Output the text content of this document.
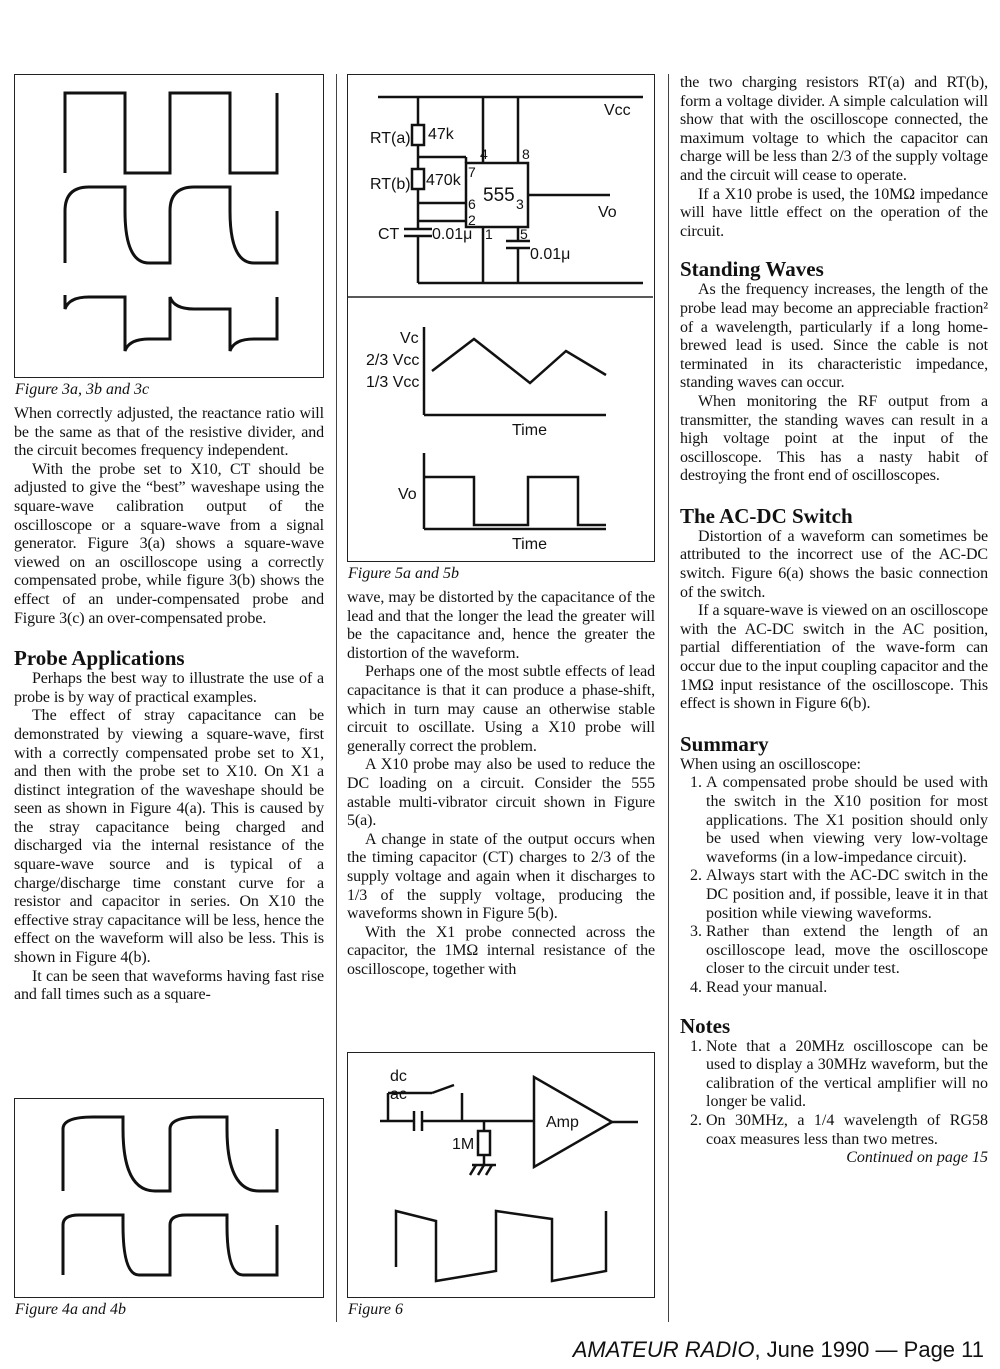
Figure 3a, 3b and 3c

When correctly adjusted, the reactance ratio will be the same as that of the resistive divider, and the circuit becomes frequency independent.

With the probe set to X10, CT should be adjusted to give the “best” waveshape using the square-wave calibration output of the oscilloscope or a square-wave from a signal generator. Figure 3(a) shows a square-wave viewed on an oscilloscope using a correctly compensated probe, while figure 3(b) shows the effect of an under-compensated probe and Figure 3(c) an over-compensated probe.

Probe Applications

Perhaps the best way to illustrate the use of a probe is by way of practical examples.

The effect of stray capacitance can be demonstrated by viewing a square-wave, first with a correctly compensated probe set to X1, and then with the probe set to X10. On X1 a distinct integration of the waveshape should be seen as shown in Figure 4(a). This is caused by the stray capacitance being charged and discharged via the internal resistance of the square-wave source and is typical of a charge/discharge time constant curve for a resistor and capacitor in series. On X10 the effective stray capacitance will be less, hence the effect on the waveform will also be less. This is shown in Figure 4(b).

It can be seen that waveforms having fast rise and fall times such as a square-

Figure 4a and 4b
Vcc
RT(a) 47k
RT(b) 470k
555
4 8
7
6	3
2
1 5
Vo
CT 0.01μ
0.01μ
Vc
2/3 Vcc
1/3 Vcc
Time
Vo
Time
Figure 5a and 5b

wave, may be distorted by the capacitance of the lead and that the longer the lead the greater will be the capacitance and, hence the greater the distortion of the waveform.

Perhaps one of the most subtle effects of lead capacitance is that it can produce a phase-shift, which in turn may cause an otherwise stable circuit to oscillate. Using a X10 probe will generally correct the problem.

A X10 probe may also be used to reduce the DC loading on a circuit. Consider the 555 astable multi-vibrator circuit shown in Figure 5(a).

A change in state of the output occurs when the timing capacitor (CT) charges to 2/3 of the supply voltage and again when it discharges to 1/3 of the supply voltage, producing the waveforms shown in Figure 5(b).

With the X1 probe connected across the capacitor, the 1MΩ internal resistance of the oscilloscope, together with

dc
ac
1M
Amp
Figure 6

the two charging resistors RT(a) and RT(b), form a voltage divider. A simple calculation will show that with the oscilloscope connected, the maximum voltage to which the capacitor can charge will be less than 2/3 of the supply voltage and the circuit will cease to operate.

If a X10 probe is used, the 10MΩ impedance will have little effect on the operation of the circuit.

Standing Waves

As the frequency increases, the length of the probe lead may become an appreciable fraction² of a wavelength, particularly if a long home-brewed lead is used. Since the cable is not terminated in its characteristic impedance, standing waves can occur.

When monitoring the RF output from a transmitter, the standing waves can result in a high voltage point at the input of the oscilloscope. This has a nasty habit of destroying the front end of oscilloscopes.

The AC-DC Switch

Distortion of a waveform can sometimes be attributed to the incorrect use of the AC-DC switch. Figure 6(a) shows the basic connection of the switch.

If a square-wave is viewed on an oscilloscope with the AC-DC switch in the AC position, partial differentiation of the wave-form can occur due to the input coupling capacitor and the 1MΩ input resistance of the oscilloscope. This effect is shown in Figure 6(b).

Summary

When using an oscilloscope:

1. A compensated probe should be used with the switch in the X10 position for most applications. The X1 position should only be used when viewing very low-voltage waveforms (in a low-impedance circuit).
2. Always start with the AC-DC switch in the DC position and, if possible, leave it in that position while viewing waveforms.
3. Rather than extend the length of an oscilloscope lead, move the oscilloscope closer to the circuit under test.
4. Read your manual.
Notes
1. Note that a 20MHz oscilloscope can be used to display a 30MHz waveform, but the calibration of the vertical amplifier will no longer be valid.
2. On 30MHz, a 1/4 wavelength of RG58 coax measures less than two metres.
Continued on page 15
AMATEUR RADIO, June 1990 — Page 11
